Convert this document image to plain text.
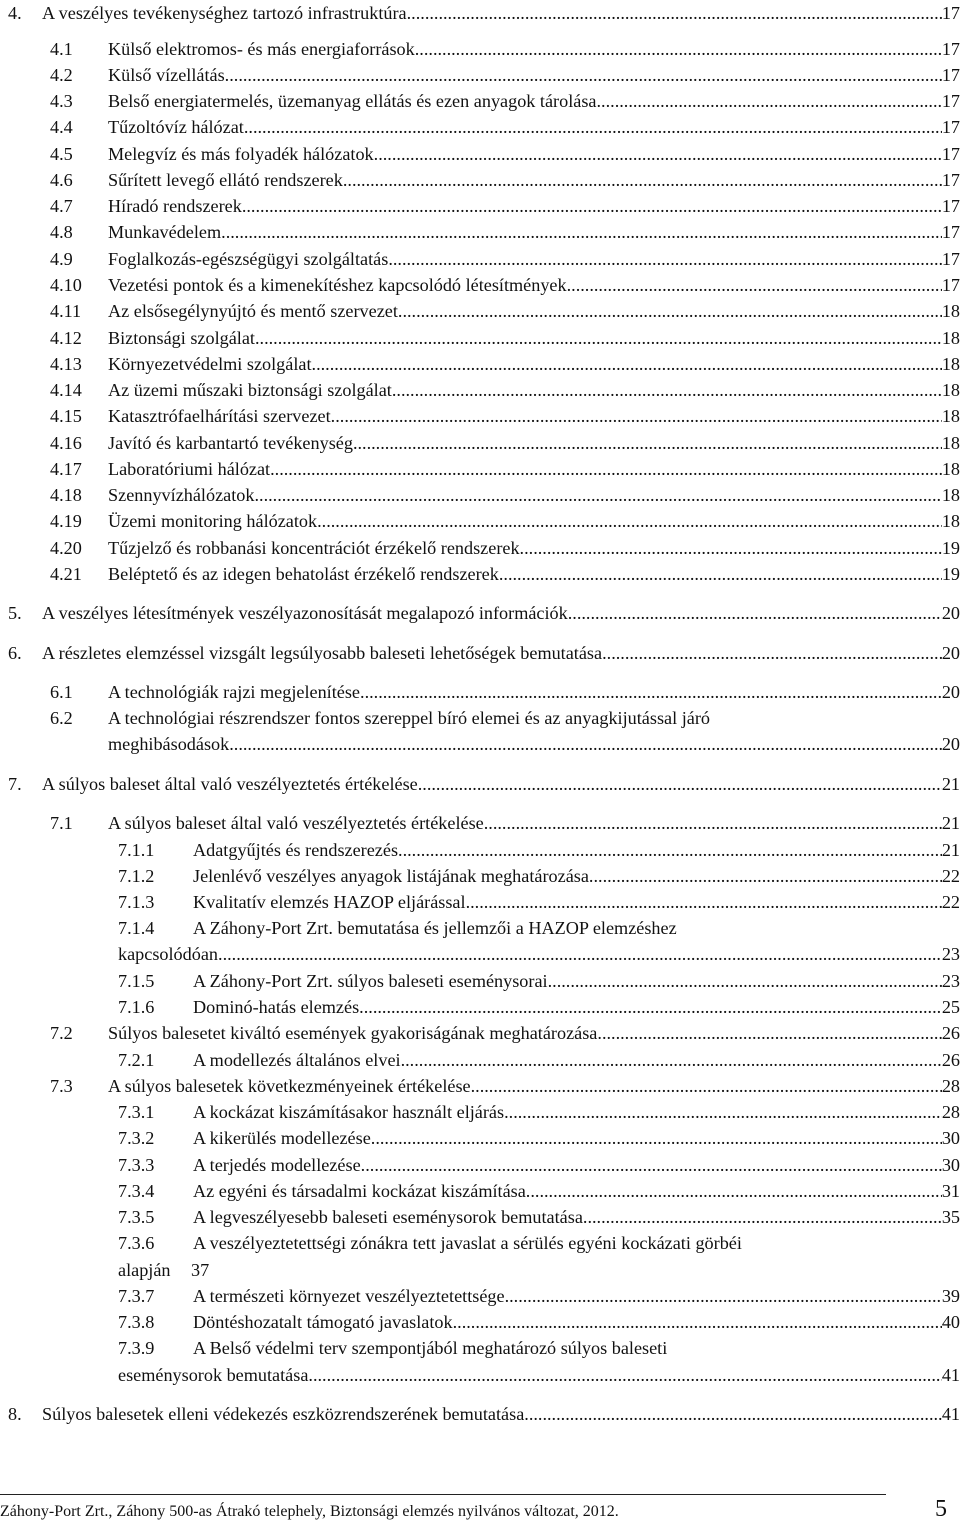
4. A veszélyes tevékenységhez tartozó infrastruktúra .....	17
4.1 Külső elektromos- és más energiaforrások .....	17
4.2 Külső vízellátás. .....	17
4.3 Belső energiatermelés, üzemanyag ellátás és ezen anyagok tárolása .....	17
4.4 Tűzoltóvíz hálózat .....	17
4.5 Melegvíz és más folyadék hálózatok .....	17
4.6 Sűrített levegő ellátó rendszerek .....	17
4.7 Híradó rendszerek .....	17
4.8 Munkavédelem .....	17
4.9 Foglalkozás-egészségügyi szolgáltatás .....	17
4.10 Vezetési pontok és a kimenekítéshez kapcsolódó létesítmények .....	17
4.11 Az elsősegélynyújtó és mentő szervezet .....	18
4.12 Biztonsági szolgálat .....	18
4.13 Környezetvédelmi szolgálat .....	18
4.14 Az üzemi műszaki biztonsági szolgálat .....	18
4.15 Katasztrófaelhárítási szervezet .....	18
4.16 Javító és karbantartó tevékenység .....	18
4.17 Laboratóriumi hálózat .....	18
4.18 Szennyvízhálózatok .....	18
4.19 Üzemi monitoring hálózatok .....	18
4.20 Tűzjelző és robbanási koncentrációt érzékelő rendszerek .....	19
4.21 Beléptető és az idegen behatolást érzékelő rendszerek .....	19
5. A veszélyes létesítmények veszélyazonosítását megalapozó információk .....	20
6. A részletes elemzéssel vizsgált legsúlyosabb baleseti lehetőségek bemutatása .....	20
6.1 A technológiák rajzi megjelenítése .....	20
6.2 A technológiai részrendszer fontos szereppel bíró elemei és az anyagkijutással járó
meghibásodások .....	20
7. A súlyos baleset által való veszélyeztetés értékelése .....	21
7.1 A súlyos baleset által való veszélyeztetés értékelése .....	21
7.1.1 Adatgyűjtés és rendszerezés .....	21
7.1.2 Jelenlévő veszélyes anyagok listájának meghatározása .....	22
7.1.3 Kvalitatív elemzés HAZOP eljárással .....	22
7.1.4 A Záhony-Port Zrt. bemutatása és jellemzői a HAZOP elemzéshez
kapcsolódóan .....	23
7.1.5 A Záhony-Port Zrt. súlyos baleseti eseménysorai .....	23
7.1.6 Dominó-hatás elemzés .....	25
7.2 Súlyos balesetet kiváltó események gyakoriságának meghatározása .....	26
7.2.1 A modellezés általános elvei .....	26
7.3 A súlyos balesetek következményeinek értékelése .....	28
7.3.1 A kockázat kiszámításakor használt eljárás .....	28
7.3.2 A kikerülés modellezése .....	30
7.3.3 A terjedés modellezése .....	30
7.3.4 Az egyéni és társadalmi kockázat kiszámítása .....	31
7.3.5 A legveszélyesebb baleseti eseménysorok bemutatása .....	35
7.3.6 A veszélyeztetettségi zónákra tett javaslat a sérülés egyéni kockázati görbéi
alapján 37
7.3.7 A természeti környezet veszélyeztetettsége .....	39
7.3.8 Döntéshozatalt támogató javaslatok .....	40
7.3.9 A Belső védelmi terv szempontjából meghatározó súlyos baleseti
eseménysorok bemutatása .....	41
8. Súlyos balesetek elleni védekezés eszközrendszerének bemutatása .....	41
Záhony-Port Zrt., Záhony 500-as Átrakó telephely, Biztonsági elemzés nyilvános változat, 2012.	5
